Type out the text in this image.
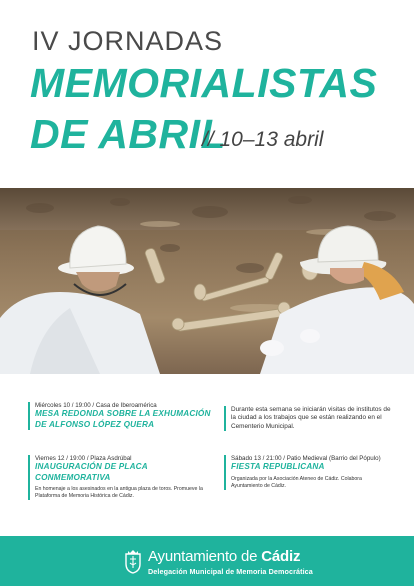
IV JORNADAS
MEMORIALISTAS
DE ABRIL
// 10–13 abril
Miércoles 10 / 19:00 / Casa de Iberoamérica
MESA REDONDA SOBRE LA EXHUMACIÓN DE ALFONSO LÓPEZ QUERA
Durante esta semana se iniciarán visitas de institutos de la ciudad a los trabajos que se están realizando en el Cementerio Municipal.
Viernes 12 / 19:00 / Plaza Asdrúbal
INAUGURACIÓN DE PLACA CONMEMORATIVA
En homenaje a los asesinados en la antigua plaza de toros. Promueve la Plataforma de Memoria Histórica de Cádiz.
Sábado 13 / 21:00 / Patio Medieval (Barrio del Pópulo)
FIESTA REPUBLICANA
Organizada por la Asociación Ateneo de Cádiz. Colabora Ayuntamiento de Cádiz.
Ayuntamiento de Cádiz
Delegación Municipal de Memoria Democrática
